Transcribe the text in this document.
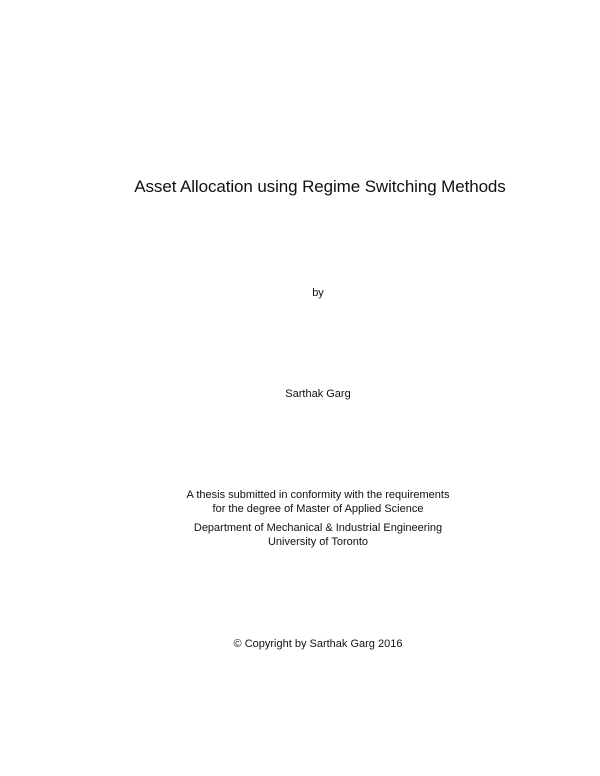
Asset Allocation using Regime Switching Methods
by
Sarthak Garg
A thesis submitted in conformity with the requirements
for the degree of Master of Applied Science
Department of Mechanical & Industrial Engineering
University of Toronto
© Copyright by Sarthak Garg 2016
